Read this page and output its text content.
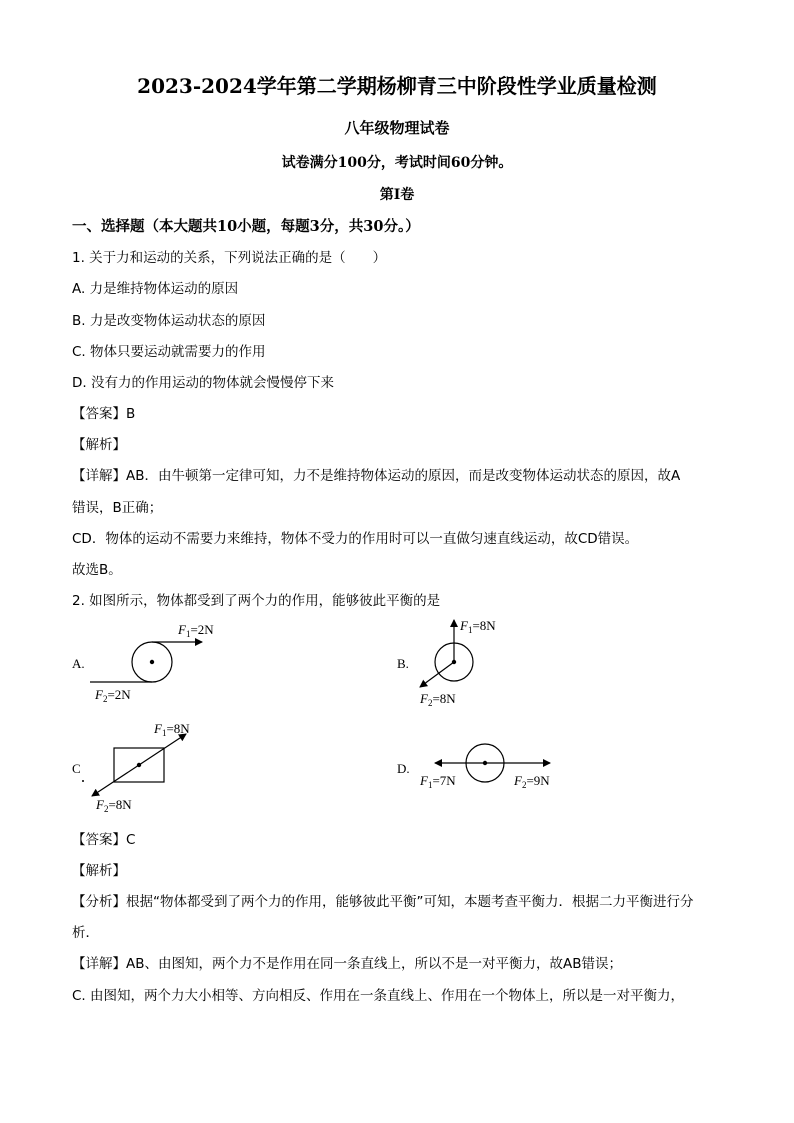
2023-2024学年第二学期杨柳青三中阶段性学业质量检测
八年级物理试卷
试卷满分100分，考试时间60分钟。
第Ⅰ卷
一、选择题（本大题共10小题，每题3分，共30分。）
1. 关于力和运动的关系，下列说法正确的是（　　）
A. 力是维持物体运动的原因
B. 力是改变物体运动状态的原因
C. 物体只要运动就需要力的作用
D. 没有力的作用运动的物体就会慢慢停下来
【答案】B
【解析】
【详解】AB．由牛顿第一定律可知，力不是维持物体运动的原因，而是改变物体运动状态的原因，故A
错误，B正确；
CD．物体的运动不需要力来维持，物体不受力的作用时可以一直做匀速直线运动，故CD错误。
故选B。
2. 如图所示，物体都受到了两个力的作用，能够彼此平衡的是
A.
$F_1=2N$
$F_2=2N$
B.
$F_1=8N$
$F_2=8N$
C
$F_1=8N$
$F_2=8N$
D.
$F_1=7N$	$F_2=9N$
【答案】C
【解析】
【分析】根据“物体都受到了两个力的作用，能够彼此平衡”可知，本题考查平衡力．根据二力平衡进行分
析．
【详解】AB、由图知，两个力不是作用在同一条直线上，所以不是一对平衡力，故AB错误；
C. 由图知，两个力大小相等、方向相反、作用在一条直线上、作用在一个物体上，所以是一对平衡力，
